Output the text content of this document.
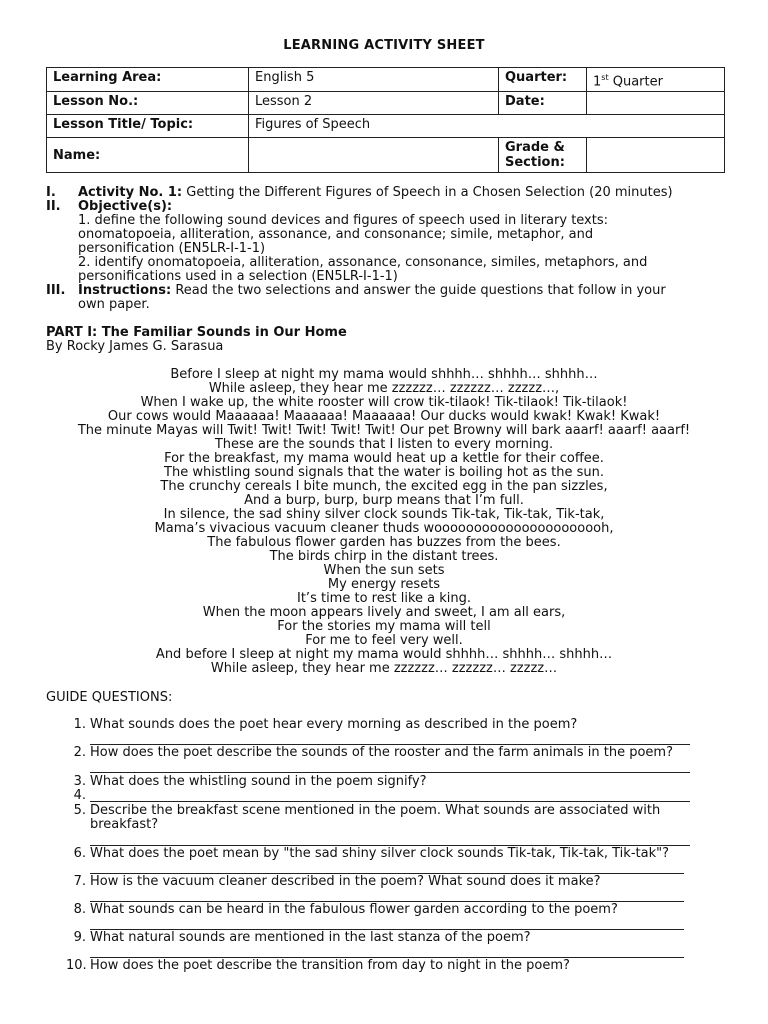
LEARNING ACTIVITY SHEET
Learning Area:	English 5	Quarter:	1st Quarter
Lesson No.:	Lesson 2	Date:	
Lesson Title/ Topic:	Figures of Speech		
Name:		Grade &
Section:	

I. Activity No. 1: Getting the Different Figures of Speech in a Chosen Selection (20 minutes)
II. Objective(s):
1. define the following sound devices and figures of speech used in literary texts:
onomatopoeia, alliteration, assonance, and consonance; simile, metaphor, and
personification (EN5LR-I-1-1)
2. identify onomatopoeia, alliteration, assonance, consonance, similes, metaphors, and
personifications used in a selection (EN5LR-I-1-1)
III. Instructions: Read the two selections and answer the guide questions that follow in your
own paper.
PART I: The Familiar Sounds in Our Home
By Rocky James G. Sarasua
Before I sleep at night my mama would shhhh… shhhh… shhhh…
While asleep, they hear me zzzzzz… zzzzzz… zzzzz…,
When I wake up, the white rooster will crow tik-tilaok! Tik-tilaok! Tik-tilaok!
Our cows would Maaaaaa! Maaaaaa! Maaaaaa! Our ducks would kwak! Kwak! Kwak!
The minute Mayas will Twit! Twit! Twit! Twit! Twit! Our pet Browny will bark aaarf! aaarf! aaarf!
These are the sounds that I listen to every morning.
For the breakfast, my mama would heat up a kettle for their coffee.
The whistling sound signals that the water is boiling hot as the sun.
The crunchy cereals I bite munch, the excited egg in the pan sizzles,
And a burp, burp, burp means that I’m full.
In silence, the sad shiny silver clock sounds Tik-tak, Tik-tak, Tik-tak,
Mama’s vivacious vacuum cleaner thuds woooooooooooooooooooooh,
The fabulous flower garden has buzzes from the bees.
The birds chirp in the distant trees.
When the sun sets
My energy resets
It’s time to rest like a king.
When the moon appears lively and sweet, I am all ears,
For the stories my mama will tell
For me to feel very well.
And before I sleep at night my mama would shhhh… shhhh… shhhh…
While asleep, they hear me zzzzzz… zzzzzz… zzzzz…
GUIDE QUESTIONS:
1. What sounds does the poet hear every morning as described in the poem?
2. How does the poet describe the sounds of the rooster and the farm animals in the poem?
3. What does the whistling sound in the poem signify?
4.
5. Describe the breakfast scene mentioned in the poem. What sounds are associated with
breakfast?
6. What does the poet mean by "the sad shiny silver clock sounds Tik-tak, Tik-tak, Tik-tak"?
7. How is the vacuum cleaner described in the poem? What sound does it make?
8. What sounds can be heard in the fabulous flower garden according to the poem?
9. What natural sounds are mentioned in the last stanza of the poem?
10. How does the poet describe the transition from day to night in the poem?
